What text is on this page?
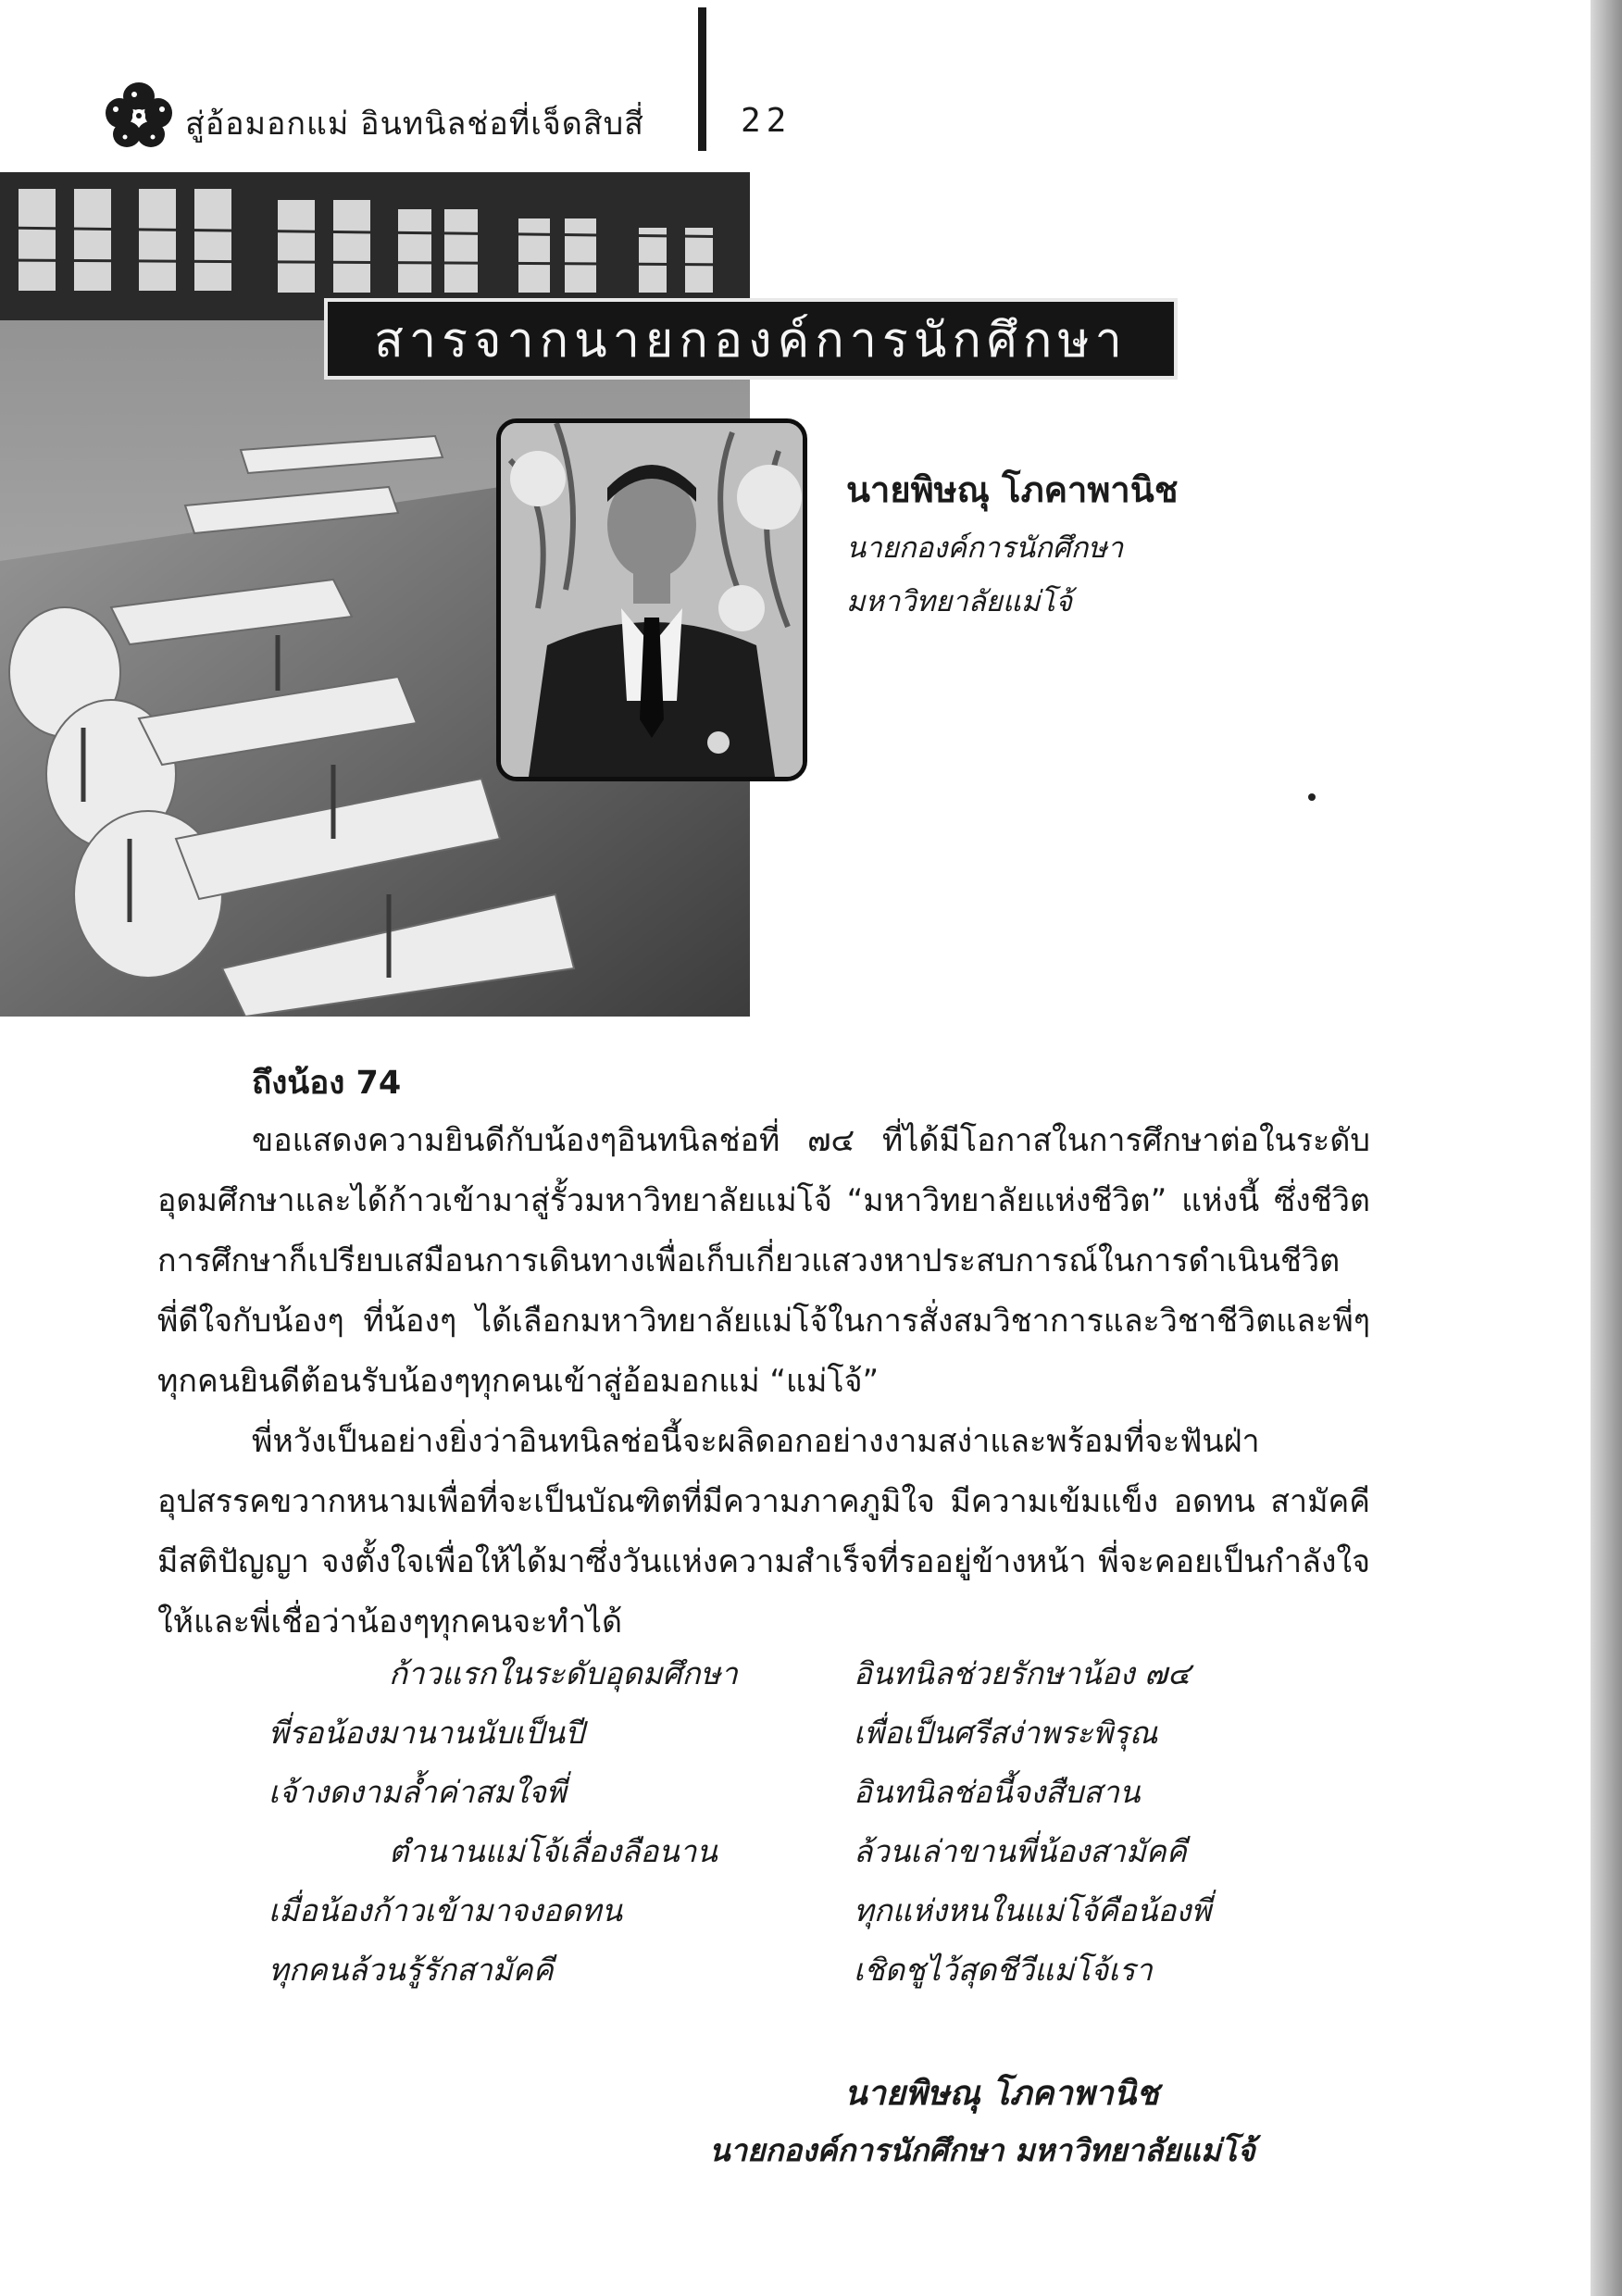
สู่อ้อมอกแม่ อินทนิลช่อที่เจ็ดสิบสี่	22
สารจากนายกองค์การนักศึกษา
นายพิษณุ โภคาพานิช
นายกองค์การนักศึกษา
มหาวิทยาลัยแม่โจ้
ถึงน้อง 74

ขอแสดงความยินดีกับน้องๆอินทนิลช่อที่ ๗๔ ที่ได้มีโอกาสในการศึกษาต่อในระดับอุดมศึกษาและได้ก้าวเข้ามาสู่รั้วมหาวิทยาลัยแม่โจ้ “มหาวิทยาลัยแห่งชีวิต” แห่งนี้ ซึ่งชีวิตการศึกษาก็เปรียบเสมือนการเดินทางเพื่อเก็บเกี่ยวแสวงหาประสบการณ์ในการดำเนินชีวิต พี่ดีใจกับน้องๆ ที่น้องๆ ได้เลือกมหาวิทยาลัยแม่โจ้ในการสั่งสมวิชาการและวิชาชีวิตและพี่ๆ ทุกคนยินดีต้อนรับน้องๆทุกคนเข้าสู่อ้อมอกแม่ “แม่โจ้”

พี่หวังเป็นอย่างยิ่งว่าอินทนิลช่อนี้จะผลิดอกอย่างงามสง่าและพร้อมที่จะฟันฝ่าอุปสรรคขวากหนามเพื่อที่จะเป็นบัณฑิตที่มีความภาคภูมิใจ มีความเข้มแข็ง อดทน สามัคคี มีสติปัญญา จงตั้งใจเพื่อให้ได้มาซึ่งวันแห่งความสำเร็จที่รออยู่ข้างหน้า พี่จะคอยเป็นกำลังใจให้และพี่เชื่อว่าน้องๆทุกคนจะทำได้

ก้าวแรกในระดับอุดมศึกษา
พี่รอน้องมานานนับเป็นปี
เจ้างดงามล้ำค่าสมใจพี่
ตำนานแม่โจ้เลื่องลือนาน
เมื่อน้องก้าวเข้ามาจงอดทน
ทุกคนล้วนรู้รักสามัคคี
อินทนิลช่วยรักษาน้อง ๗๔
เพื่อเป็นศรีสง่าพระพิรุณ
อินทนิลช่อนี้จงสืบสาน
ล้วนเล่าขานพี่น้องสามัคคี
ทุกแห่งหนในแม่โจ้คือน้องพี่
เชิดชูไว้สุดชีวีแม่โจ้เรา
นายพิษณุ โภคาพานิช
นายกองค์การนักศึกษา มหาวิทยาลัยแม่โจ้
